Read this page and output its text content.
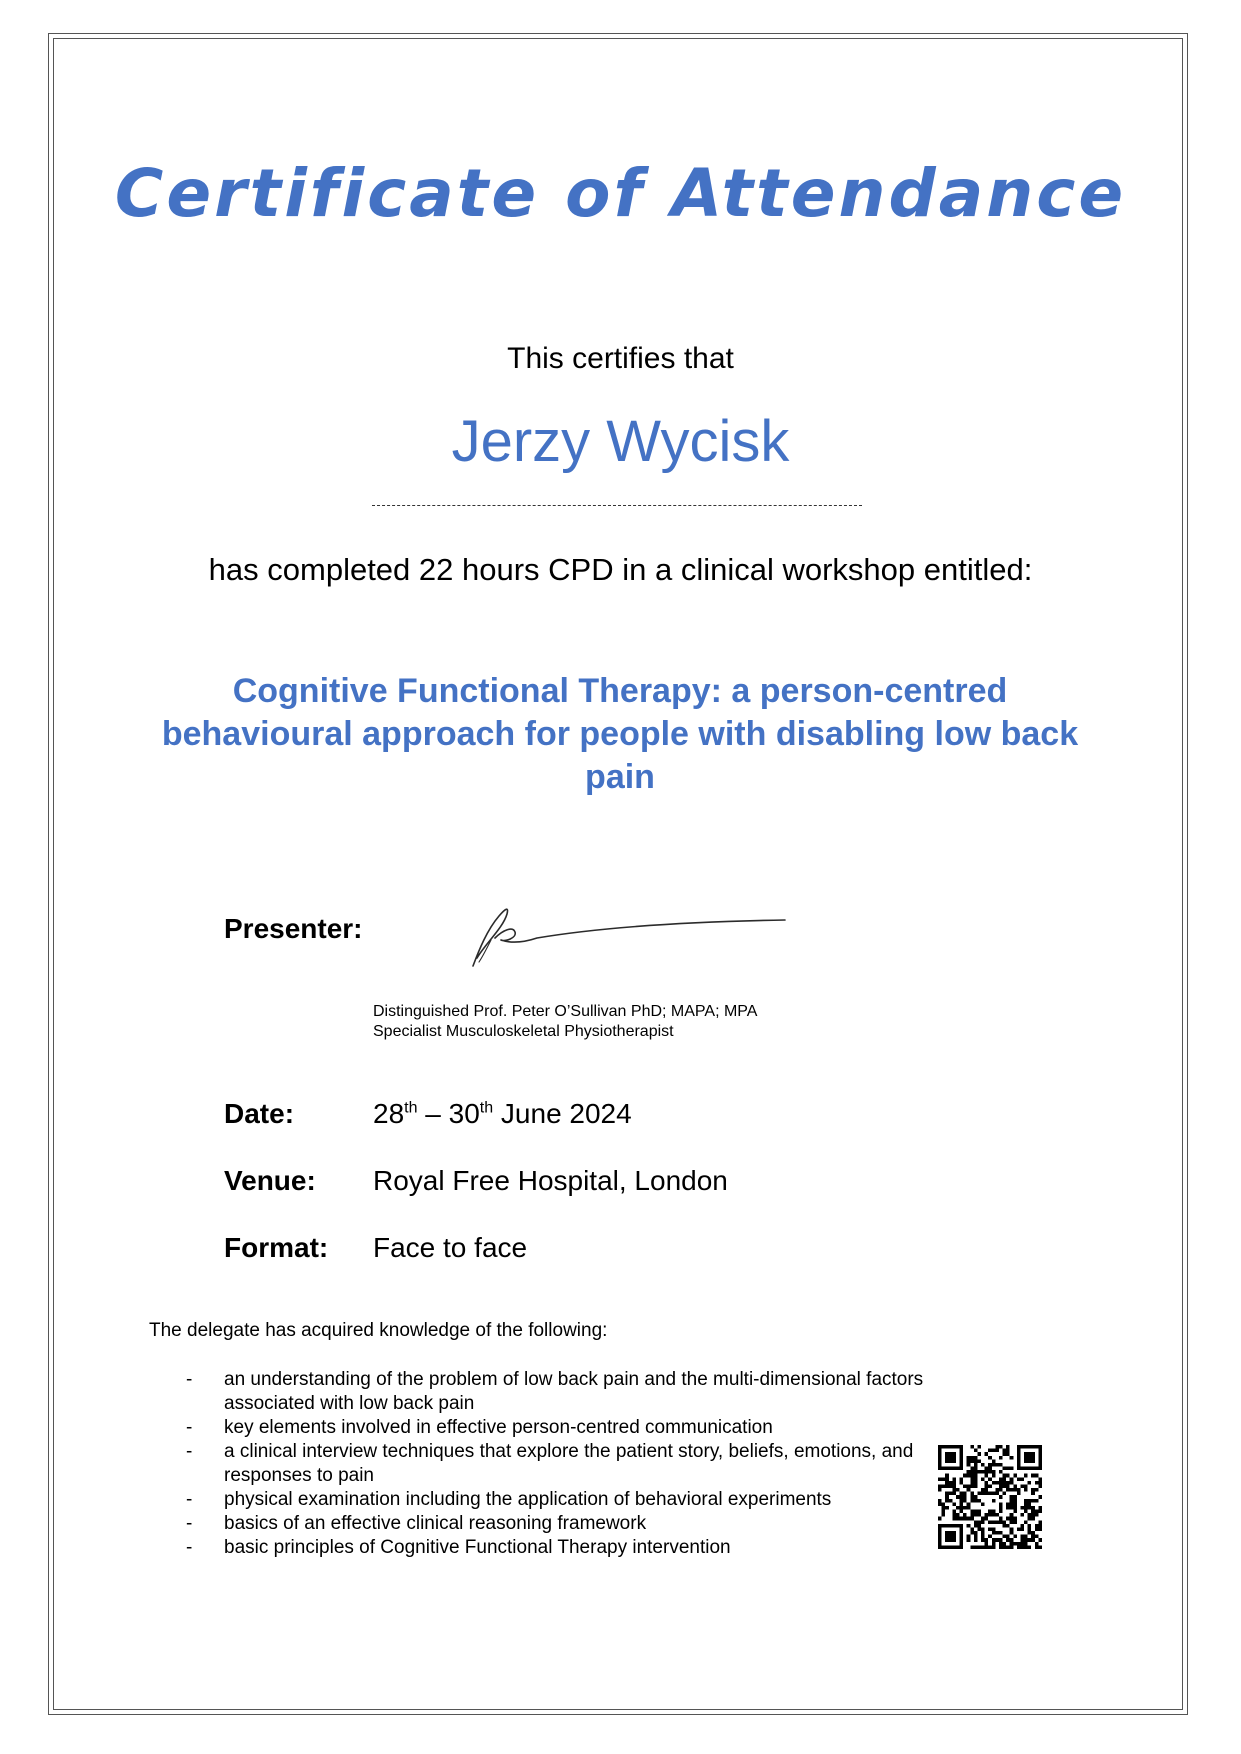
Certificate of Attendance
This certifies that
Jerzy Wycisk
has completed 22 hours CPD in a clinical workshop entitled:
Cognitive Functional Therapy: a person-centred behavioural approach for people with disabling low back pain
Presenter:
Distinguished Prof. Peter O’Sullivan PhD; MAPA; MPA
Specialist Musculoskeletal Physiotherapist
Date:	28th – 30th June 2024
Venue: Royal Free Hospital, London
Format: Face to face
The delegate has acquired knowledge of the following:
- an understanding of the problem of low back pain and the multi-dimensional factors associated with low back pain
- key elements involved in effective person-centred communication
- a clinical interview techniques that explore the patient story, beliefs, emotions, and responses to pain
- physical examination including the application of behavioral experiments
- basics of an effective clinical reasoning framework
- basic principles of Cognitive Functional Therapy intervention
